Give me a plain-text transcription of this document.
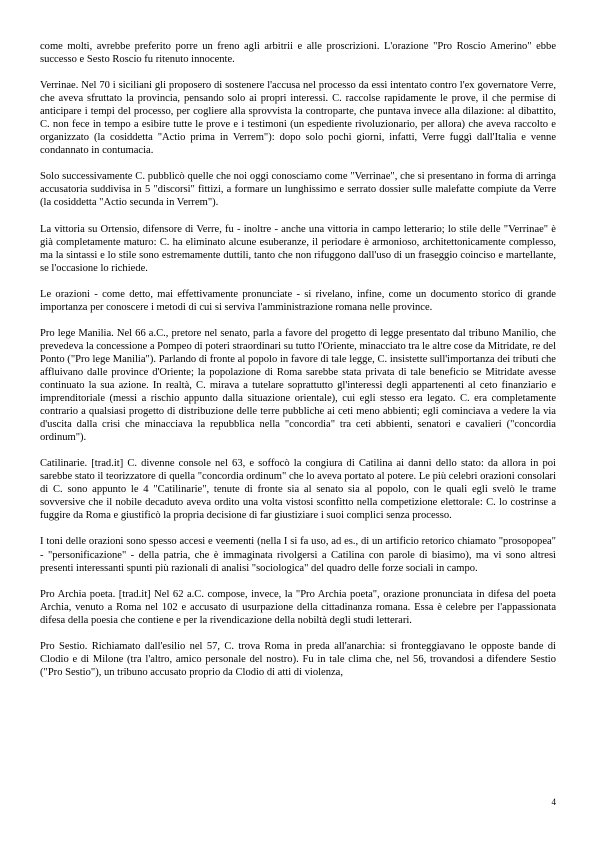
come molti, avrebbe preferito porre un freno agli arbitrii e alle proscrizioni. L'orazione "Pro Roscio Amerino" ebbe successo e Sesto Roscio fu ritenuto innocente.

Verrinae. Nel 70 i siciliani gli proposero di sostenere l'accusa nel processo da essi intentato contro l'ex governatore Verre, che aveva sfruttato la provincia, pensando solo ai propri interessi. C. raccolse rapidamente le prove, il che permise di anticipare i tempi del processo, per cogliere alla sprovvista la controparte, che puntava invece alla dilazione: al dibattito, C. non fece in tempo a esibire tutte le prove e i testimoni (un espediente rivoluzionario, per allora) che aveva raccolto e organizzato (la cosiddetta "Actio prima in Verrem"): dopo solo pochi giorni, infatti, Verre fuggì dall'Italia e venne condannato in contumacia.

Solo successivamente C. pubblicò quelle che noi oggi conosciamo come "Verrinae", che si presentano in forma di arringa accusatoria suddivisa in 5 "discorsi" fittizi, a formare un lunghissimo e serrato dossier sulle malefatte compiute da Verre (la cosiddetta "Actio secunda in Verrem").

La vittoria su Ortensio, difensore di Verre, fu - inoltre - anche una vittoria in campo letterario; lo stile delle "Verrinae" è già completamente maturo: C. ha eliminato alcune esuberanze, il periodare è armonioso, architettonicamente complesso, ma la sintassi e lo stile sono estremamente duttili, tanto che non rifuggono dall'uso di un fraseggio coinciso e martellante, se l'occasione lo richiede.

Le orazioni - come detto, mai effettivamente pronunciate - si rivelano, infine, come un documento storico di grande importanza per conoscere i metodi di cui si serviva l'amministrazione romana nelle province.

Pro lege Manilia. Nel 66 a.C., pretore nel senato, parla a favore del progetto di legge presentato dal tribuno Manilio, che prevedeva la concessione a Pompeo di poteri straordinari su tutto l'Oriente, minacciato tra le altre cose da Mitridate, re del Ponto ("Pro lege Manilia"). Parlando di fronte al popolo in favore di tale legge, C. insistette sull'importanza dei tributi che affluivano dalle province d'Oriente; la popolazione di Roma sarebbe stata privata di tale beneficio se Mitridate avesse continuato la sua azione. In realtà, C. mirava a tutelare soprattutto gl'interessi degli appartenenti al ceto finanziario e imprenditoriale (messi a rischio appunto dalla situazione orientale), cui egli stesso era legato. C. era completamente contrario a qualsiasi progetto di distribuzione delle terre pubbliche ai ceti meno abbienti; egli cominciava a vedere la via d'uscita dalla crisi che minacciava la repubblica nella "concordia" tra ceti abbienti, senatori e cavalieri ("concordia ordinum").

Catilinarie. [trad.it] C. divenne console nel 63, e soffocò la congiura di Catilina ai danni dello stato: da allora in poi sarebbe stato il teorizzatore di quella "concordia ordinum" che lo aveva portato al potere. Le più celebri orazioni consolari di C. sono appunto le 4 "Catilinarie", tenute di fronte sia al senato sia al popolo, con le quali egli svelò le trame sovversive che il nobile decaduto aveva ordito una volta vistosi sconfitto nella competizione elettorale: C. lo costrinse a fuggire da Roma e giustificò la propria decisione di far giustiziare i suoi complici senza processo.

I toni delle orazioni sono spesso accesi e veementi (nella I si fa uso, ad es., di un artificio retorico chiamato "prosopopea" - "personificazione" - della patria, che è immaginata rivolgersi a Catilina con parole di biasimo), ma vi sono altresì presenti interessanti spunti più razionali di analisi "sociologica" del quadro delle forze sociali in campo.

Pro Archia poeta. [trad.it] Nel 62 a.C. compose, invece, la "Pro Archia poeta", orazione pronunciata in difesa del poeta Archia, venuto a Roma nel 102 e accusato di usurpazione della cittadinanza romana. Essa è celebre per l'appassionata difesa della poesia che contiene e per la rivendicazione della nobiltà degli studi letterari.

Pro Sestio. Richiamato dall'esilio nel 57, C. trova Roma in preda all'anarchia: si fronteggiavano le opposte bande di Clodio e di Milone (tra l'altro, amico personale del nostro). Fu in tale clima che, nel 56, trovandosi a difendere Sestio ("Pro Sestio"), un tribuno accusato proprio da Clodio di atti di violenza,

4
